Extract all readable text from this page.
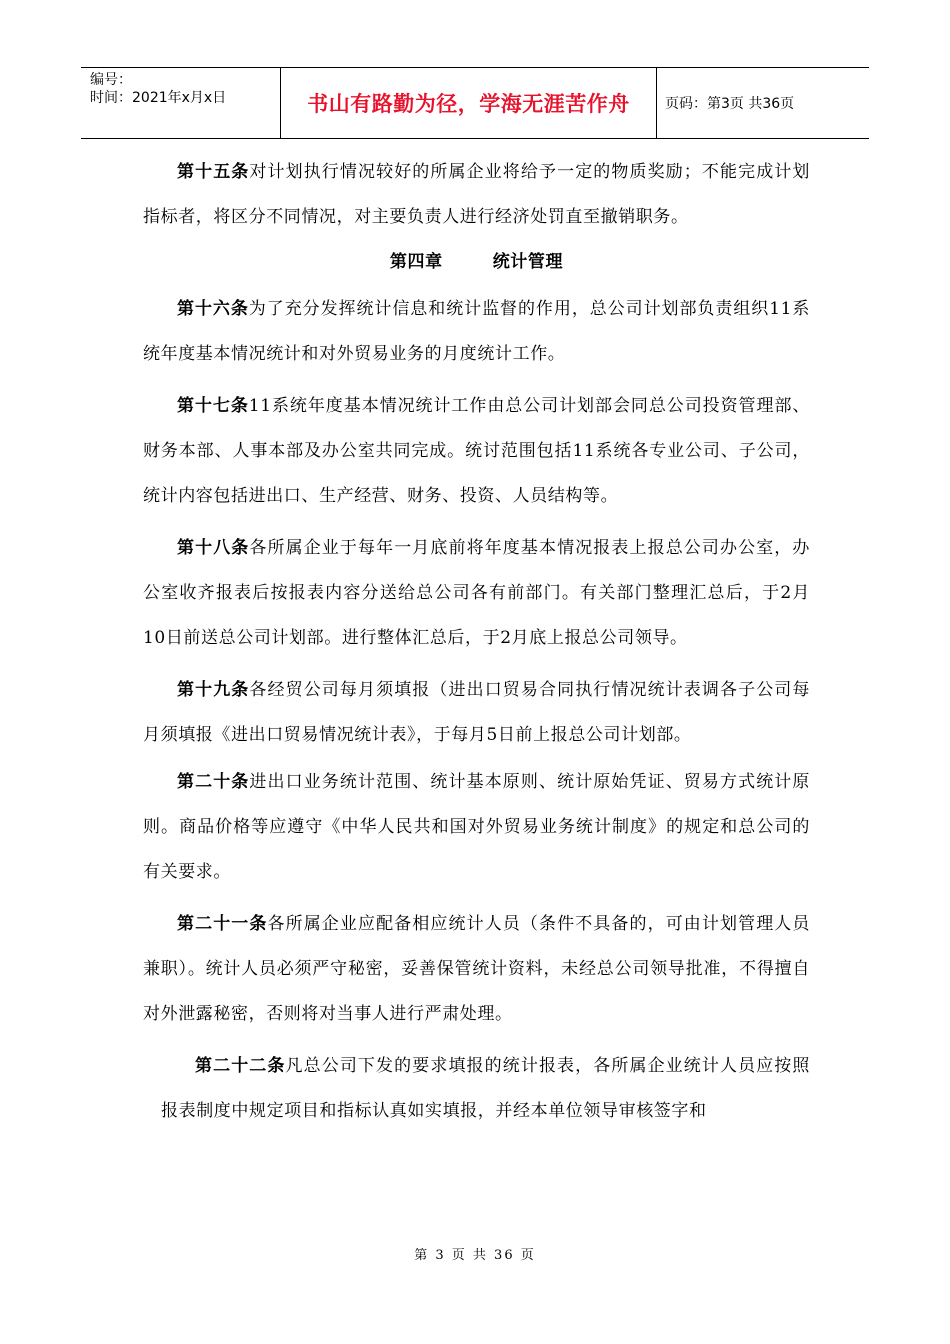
编号：
时间：2021年x月x日	书山有路勤为径，学海无涯苦作舟	页码：第3页 共36页

第十五条对计划执行情况较好的所属企业将给予一定的物质奖励；不能完成计划指标者，将区分不同情况，对主要负责人进行经济处罚直至撤销职务。

第四章	统计管理

第十六条为了充分发挥统计信息和统计监督的作用，总公司计划部负责组织11系统年度基本情况统计和对外贸易业务的月度统计工作。

第十七条11系统年度基本情况统计工作由总公司计划部会同总公司投资管理部、财务本部、人事本部及办公室共同完成。统讨范围包括11系统各专业公司、子公司，统计内容包括进出口、生产经营、财务、投资、人员结构等。

第十八条各所属企业于每年一月底前将年度基本情况报表上报总公司办公室，办公室收齐报表后按报表内容分送给总公司各有前部门。有关部门整理汇总后，于2月10日前送总公司计划部。进行整体汇总后，于2月底上报总公司领导。

第十九条各经贸公司每月须填报（进出口贸易合同执行情况统计表调各子公司每月须填报《进出口贸易情况统计表》，于每月5日前上报总公司计划部。

第二十条进出口业务统计范围、统计基本原则、统计原始凭证、贸易方式统计原则。商品价格等应遵守《中华人民共和国对外贸易业务统计制度》的规定和总公司的有关要求。

第二十一条各所属企业应配备相应统计人员（条件不具备的，可由计划管理人员兼职）。统计人员必须严守秘密，妥善保管统计资料，未经总公司领导批准，不得擅自对外泄露秘密，否则将对当事人进行严肃处理。

第二十二条凡总公司下发的要求填报的统计报表，各所属企业统计人员应按照报表制度中规定项目和指标认真如实填报，并经本单位领导审核签字和

第 3 页 共 36 页
